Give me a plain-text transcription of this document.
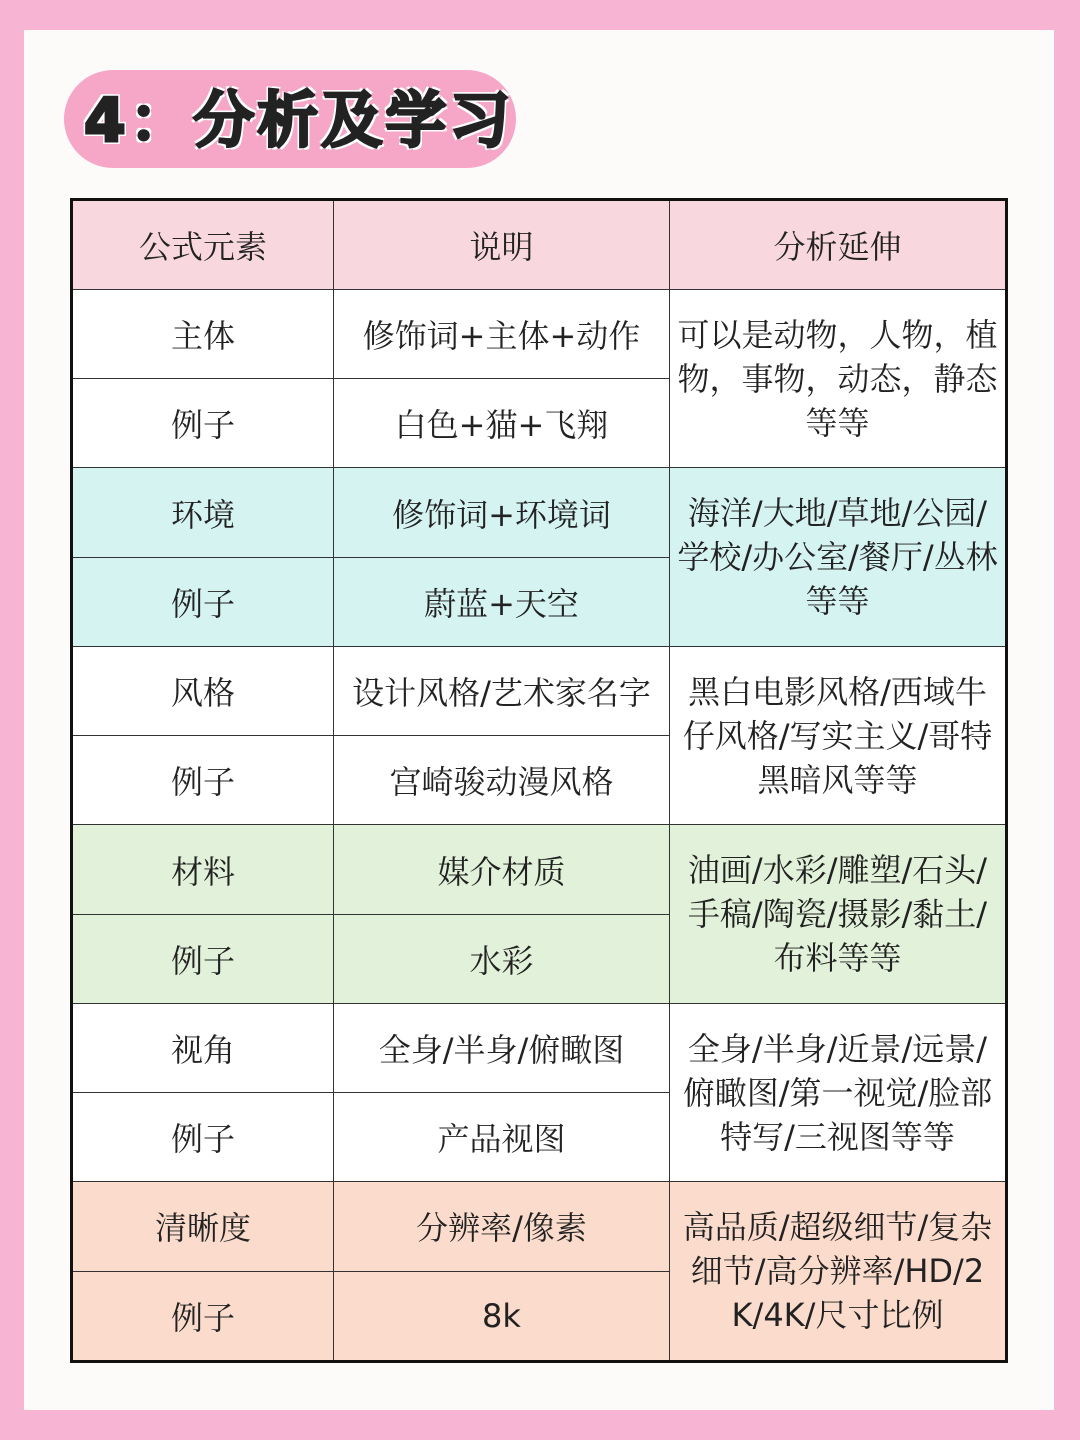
4：分析及学习
公式元素	说明	分析延伸
主体	修饰词+主体+动作	可以是动物，人物，植物，事物，动态，静态等等
例子	白色+猫+飞翔	
环境	修饰词+环境词	海洋/大地/草地/公园/学校/办公室/餐厅/丛林等等
例子	蔚蓝+天空	
风格	设计风格/艺术家名字	黑白电影风格/西域牛仔风格/写实主义/哥特黑暗风等等
例子	宫崎骏动漫风格	
材料	媒介材质	油画/水彩/雕塑/石头/手稿/陶瓷/摄影/黏土/布料等等
例子	水彩	
视角	全身/半身/俯瞰图	全身/半身/近景/远景/俯瞰图/第一视觉/脸部特写/三视图等等
例子	产品视图	
清晰度	分辨率/像素	高品质/超级细节/复杂细节/高分辨率/HD/2K/4K/尺寸比例
例子	8k	
